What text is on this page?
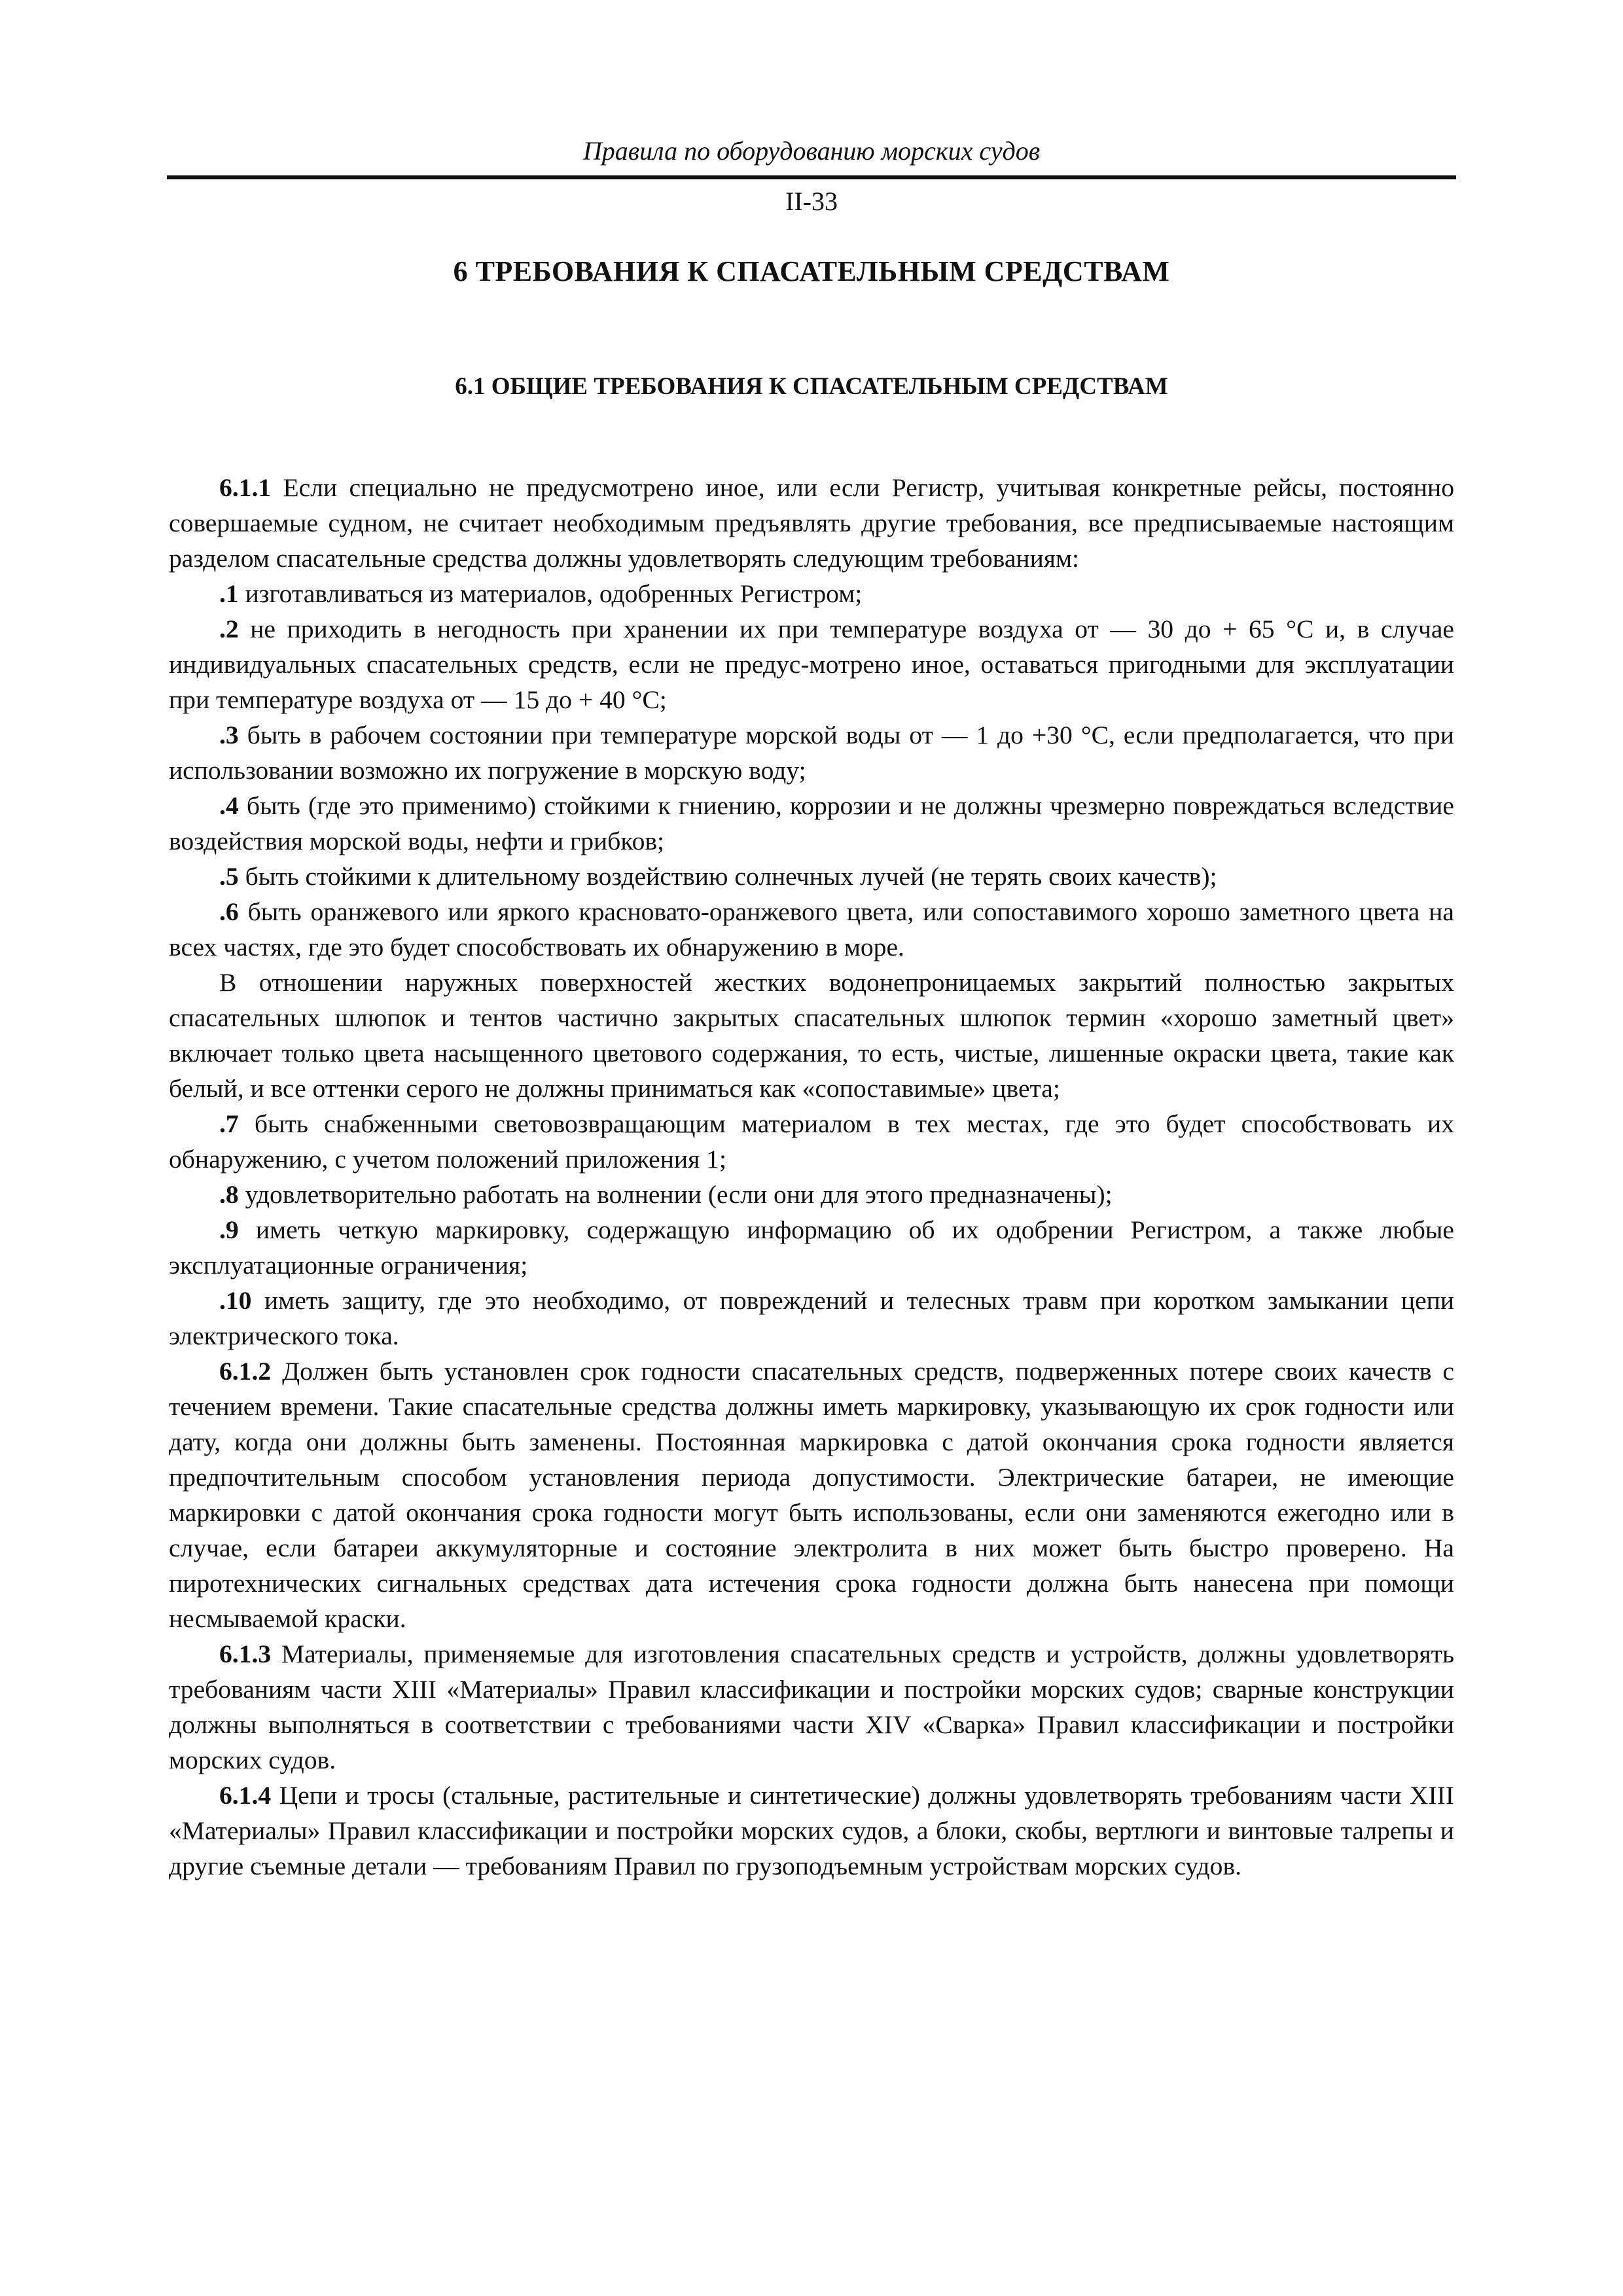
Правила по оборудованию морских судов
II-33
6 ТРЕБОВАНИЯ К СПАСАТЕЛЬНЫМ СРЕДСТВАМ
6.1 ОБЩИЕ ТРЕБОВАНИЯ К СПАСАТЕЛЬНЫМ СРЕДСТВАМ

6.1.1 Если специально не предусмотрено иное, или если Регистр, учитывая конкретные рейсы, постоянно совершаемые судном, не считает необходимым предъявлять другие требования, все предписываемые настоящим разделом спасательные средства должны удовлетворять следующим требованиям:

.1 изготавливаться из материалов, одобренных Регистром;

.2 не приходить в негодность при хранении их при температуре воздуха от — 30 до + 65 °С и, в случае индивидуальных спасательных средств, если не предус-мотрено иное, оставаться пригодными для эксплуатации при температуре воздуха от — 15 до + 40 °С;

.3 быть в рабочем состоянии при температуре морской воды от — 1 до +30 °С, если предполагается, что при использовании возможно их погружение в морскую воду;

.4 быть (где это применимо) стойкими к гниению, коррозии и не должны чрезмерно повреждаться вследствие воздействия морской воды, нефти и грибков;

.5 быть стойкими к длительному воздействию солнечных лучей (не терять своих качеств);

.6 быть оранжевого или яркого красновато-оранжевого цвета, или сопоставимого хорошо заметного цвета на всех частях, где это будет способствовать их обнаружению в море.

В отношении наружных поверхностей жестких водонепроницаемых закрытий полностью закрытых спасательных шлюпок и тентов частично закрытых спасательных шлюпок термин «хорошо заметный цвет» включает только цвета насыщенного цветового содержания, то есть, чистые, лишенные окраски цвета, такие как белый, и все оттенки серого не должны приниматься как «сопоставимые» цвета;

.7 быть снабженными световозвращающим материалом в тех местах, где это будет способствовать их обнаружению, с учетом положений приложения 1;

.8 удовлетворительно работать на волнении (если они для этого предназначены);

.9 иметь четкую маркировку, содержащую информацию об их одобрении Регистром, а также любые эксплуатационные ограничения;

.10 иметь защиту, где это необходимо, от повреждений и телесных травм при коротком замыкании цепи электрического тока.

6.1.2 Должен быть установлен срок годности спасательных средств, подверженных потере своих качеств с течением времени. Такие спасательные средства должны иметь маркировку, указывающую их срок годности или дату, когда они должны быть заменены. Постоянная маркировка с датой окончания срока годности является предпочтительным способом установления периода допустимости. Электрические батареи, не имеющие маркировки с датой окончания срока годности могут быть использованы, если они заменяются ежегодно или в случае, если батареи аккумуляторные и состояние электролита в них может быть быстро проверено. На пиротехнических сигнальных средствах дата истечения срока годности должна быть нанесена при помощи несмываемой краски.

6.1.3 Материалы, применяемые для изготовления спасательных средств и устройств, должны удовлетворять требованиям части XIII «Материалы» Правил классификации и постройки морских судов; сварные конструкции должны выполняться в соответствии с требованиями части XIV «Сварка» Правил классификации и постройки морских судов.

6.1.4 Цепи и тросы (стальные, растительные и синтетические) должны удовлетворять требованиям части XIII «Материалы» Правил классификации и постройки морских судов, а блоки, скобы, вертлюги и винтовые талрепы и другие съемные детали — требованиям Правил по грузоподъемным устройствам морских судов.
